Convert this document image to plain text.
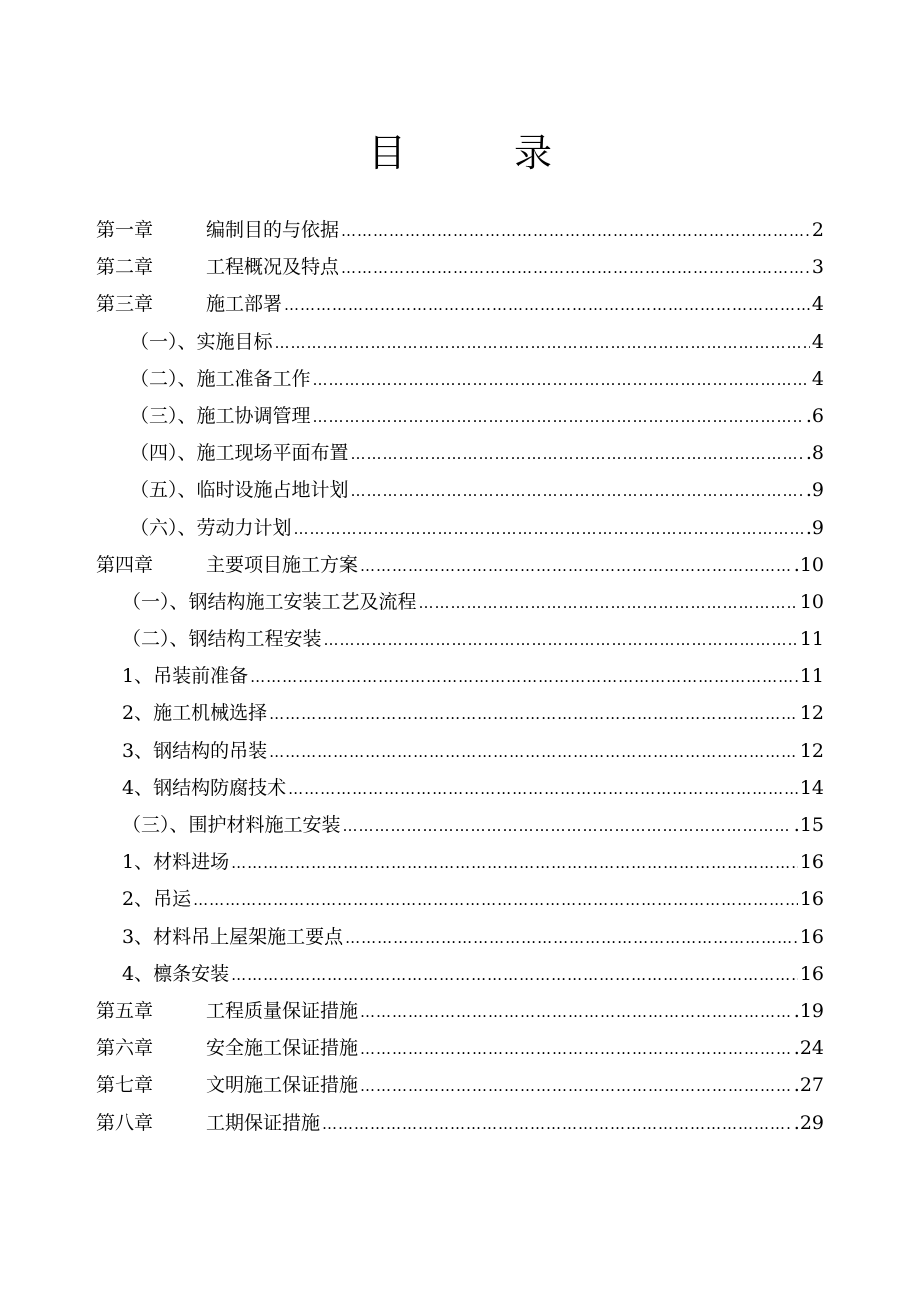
目 录
第一章	编制目的与依据 ………………………………………………………………………………………………………………………………………………………………………………	2
第二章	工程概况及特点 ………………………………………………………………………………………………………………………………………………………………………………	3
第三章	施工部署 ………………………………………………………………………………………………………………………………………………………………………………	4
（一）、实施目标 ………………………………………………………………………………………………………………………………………………………………………………	4
（二）、施工准备工作 ………………………………………………………………………………………………………………………………………………………………………………	4
（三）、施工协调管理 ………………………………………………………………………………………………………………………………………………………………………………	.6
（四）、施工现场平面布置 ………………………………………………………………………………………………………………………………………………………………………………	.8
（五）、临时设施占地计划 ………………………………………………………………………………………………………………………………………………………………………………	.9
（六）、劳动力计划 ………………………………………………………………………………………………………………………………………………………………………………	.9
第四章	主要项目施工方案 ………………………………………………………………………………………………………………………………………………………………………………	.10
（一）、钢结构施工安装工艺及流程 ………………………………………………………………………………………………………………………………………………………………………………	10
（二）、钢结构工程安装 ………………………………………………………………………………………………………………………………………………………………………………	11
1、吊装前准备 ………………………………………………………………………………………………………………………………………………………………………………	11
2、施工机械选择 ………………………………………………………………………………………………………………………………………………………………………………	12
3、钢结构的吊装 ………………………………………………………………………………………………………………………………………………………………………………	12
4、钢结构防腐技术 ………………………………………………………………………………………………………………………………………………………………………………	14
（三）、围护材料施工安装 ………………………………………………………………………………………………………………………………………………………………………………	.15
1、材料进场 ………………………………………………………………………………………………………………………………………………………………………………	16
2、吊运 ………………………………………………………………………………………………………………………………………………………………………………	16
3、材料吊上屋架施工要点 ………………………………………………………………………………………………………………………………………………………………………………	16
4、檩条安装 ………………………………………………………………………………………………………………………………………………………………………………	16
第五章	工程质量保证措施 ………………………………………………………………………………………………………………………………………………………………………………	.19
第六章	安全施工保证措施 ………………………………………………………………………………………………………………………………………………………………………………	.24
第七章	文明施工保证措施 ………………………………………………………………………………………………………………………………………………………………………………	.27
第八章	工期保证措施 ………………………………………………………………………………………………………………………………………………………………………………	.29
